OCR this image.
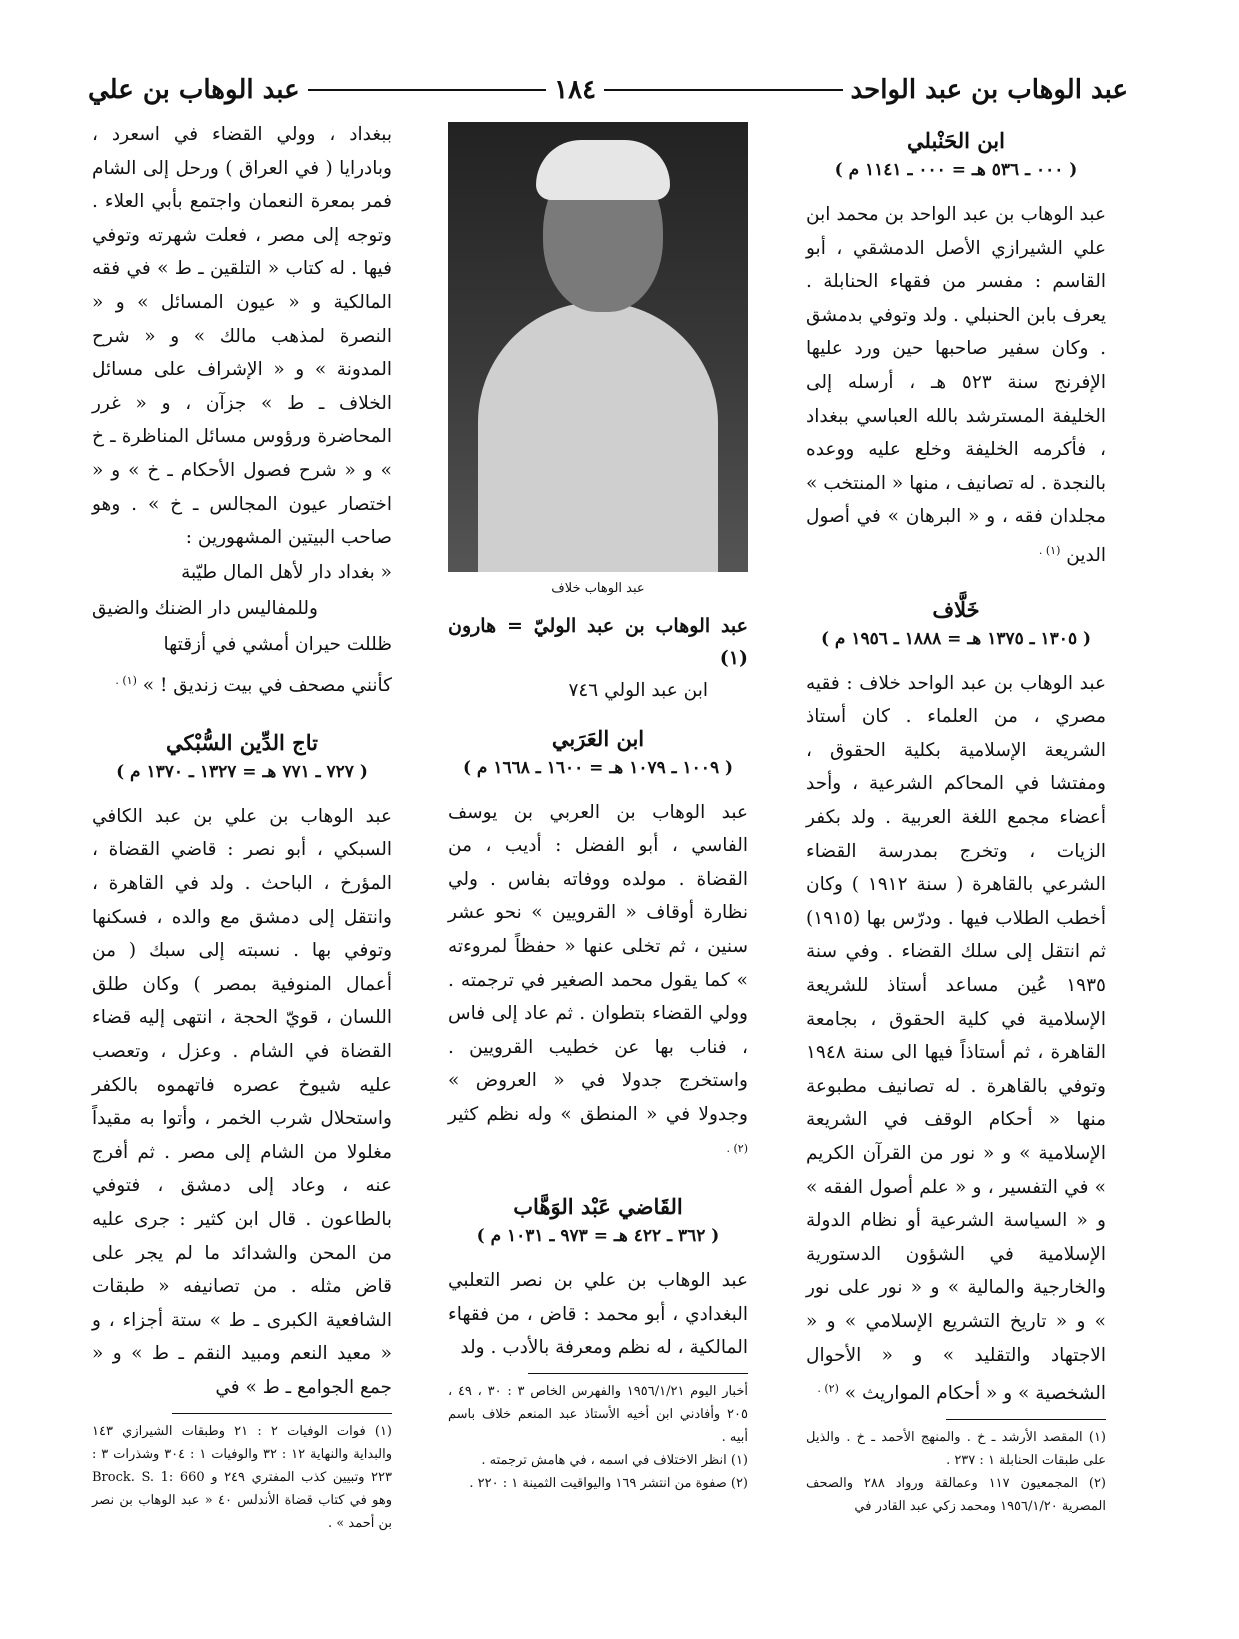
عبد الوهاب بن عبد الواحد
١٨٤
عبد الوهاب بن علي
ابن الحَنْبلي
( ٠٠٠ ـ ٥٣٦ هـ = ٠٠٠ ـ ١١٤١ م )

عبد الوهاب بن عبد الواحد بن محمد ابن علي الشيرازي الأصل الدمشقي ، أبو القاسم : مفسر من فقهاء الحنابلة . يعرف بابن الحنبلي . ولد وتوفي بدمشق . وكان سفير صاحبها حين ورد عليها الإفرنج سنة ٥٢٣ هـ ، أرسله إلى الخليفة المسترشد بالله العباسي ببغداد ، فأكرمه الخليفة وخلع عليه ووعده بالنجدة . له تصانيف ، منها « المنتخب » مجلدان فقه ، و « البرهان » في أصول الدين $^{(١) .}$

خَلَّاف
( ١٣٠٥ ـ ١٣٧٥ هـ = ١٨٨٨ ـ ١٩٥٦ م )

عبد الوهاب بن عبد الواحد خلاف : فقيه مصري ، من العلماء . كان أستاذ الشريعة الإسلامية بكلية الحقوق ، ومفتشا في المحاكم الشرعية ، وأحد أعضاء مجمع اللغة العربية . ولد بكفر الزيات ، وتخرج بمدرسة القضاء الشرعي بالقاهرة ( سنة ١٩١٢ ) وكان أخطب الطلاب فيها . ودرّس بها (١٩١٥) ثم انتقل إلى سلك القضاء . وفي سنة ١٩٣٥ عُين مساعد أستاذ للشريعة الإسلامية في كلية الحقوق ، بجامعة القاهرة ، ثم أستاذاً فيها الى سنة ١٩٤٨ وتوفي بالقاهرة . له تصانيف مطبوعة منها « أحكام الوقف في الشريعة الإسلامية » و « نور من القرآن الكريم » في التفسير ، و « علم أصول الفقه » و « السياسة الشرعية أو نظام الدولة الإسلامية في الشؤون الدستورية والخارجية والمالية » و « نور على نور » و « تاريخ التشريع الإسلامي » و « الاجتهاد والتقليد » و « الأحوال الشخصية » و « أحكام المواريث » $^{(٢) .}$

(١) المقصد الأرشد ـ خ . والمنهج الأحمد ـ خ . والذيل على طبقات الحنابلة ١ : ٢٣٧ .

(٢) المجمعيون ١١٧ وعمالقة ورواد ٢٨٨ والصحف المصرية ١٩٥٦/١/٢٠ ومحمد زكي عبد القادر في

عبد الوهاب خلاف
عبد الوهاب بن عبد الوليّ = هارون (١)
ابن عبد الولي ٧٤٦
ابن العَرَبي
( ١٠٠٩ ـ ١٠٧٩ هـ = ١٦٠٠ ـ ١٦٦٨ م )

عبد الوهاب بن العربي بن يوسف الفاسي ، أبو الفضل : أديب ، من القضاة . مولده ووفاته بفاس . ولي نظارة أوقاف « القرويين » نحو عشر سنين ، ثم تخلى عنها « حفظاً لمروءته » كما يقول محمد الصغير في ترجمته . وولي القضاء بتطوان . ثم عاد إلى فاس ، فناب بها عن خطيب القرويين . واستخرج جدولا في « العروض » وجدولا في « المنطق » وله نظم كثير $^{(٢) .}$

القَاضي عَبْد الوَهَّاب
( ٣٦٢ ـ ٤٢٢ هـ = ٩٧٣ ـ ١٠٣١ م )

عبد الوهاب بن علي بن نصر التعلبي البغدادي ، أبو محمد : قاض ، من فقهاء المالكية ، له نظم ومعرفة بالأدب . ولد

أخبار اليوم ١٩٥٦/١/٢١ والفهرس الخاص ٣ : ٣٠ ، ٤٩ ، ٢٠٥ وأفادني ابن أخيه الأستاذ عبد المنعم خلاف باسم أبيه .

(١) انظر الاختلاف في اسمه ، في هامش ترجمته .

(٢) صفوة من انتشر ١٦٩ واليواقيت الثمينة ١ : ٢٢٠ .

ببغداد ، وولي القضاء في اسعرد ، وبادرايا ( في العراق ) ورحل إلى الشام فمر بمعرة النعمان واجتمع بأبي العلاء . وتوجه إلى مصر ، فعلت شهرته وتوفي فيها . له كتاب « التلقين ـ ط » في فقه المالكية و « عيون المسائل » و « النصرة لمذهب مالك » و « شرح المدونة » و « الإشراف على مسائل الخلاف ـ ط » جزآن ، و « غرر المحاضرة ورؤوس مسائل المناظرة ـ خ » و « شرح فصول الأحكام ـ خ » و « اختصار عيون المجالس ـ خ » . وهو صاحب البيتين المشهورين :

« بغداد دار لأهل المال طيّبة
وللمفاليس دار الضنك والضيق
ظللت حيران أمشي في أزقتها
كأنني مصحف في بيت زنديق ! » $^{(١) .}$
تاج الدِّين السُّبْكي
( ٧٢٧ ـ ٧٧١ هـ = ١٣٢٧ ـ ١٣٧٠ م )

عبد الوهاب بن علي بن عبد الكافي السبكي ، أبو نصر : قاضي القضاة ، المؤرخ ، الباحث . ولد في القاهرة ، وانتقل إلى دمشق مع والده ، فسكنها وتوفي بها . نسبته إلى سبك ( من أعمال المنوفية بمصر ) وكان طلق اللسان ، قويّ الحجة ، انتهى إليه قضاء القضاة في الشام . وعزل ، وتعصب عليه شيوخ عصره فاتهموه بالكفر واستحلال شرب الخمر ، وأتوا به مقيداً مغلولا من الشام إلى مصر . ثم أفرج عنه ، وعاد إلى دمشق ، فتوفي بالطاعون . قال ابن كثير : جرى عليه من المحن والشدائد ما لم يجر على قاض مثله . من تصانيفه « طبقات الشافعية الكبرى ـ ط » ستة أجزاء ، و « معيد النعم ومبيد النقم ـ ط » و « جمع الجوامع ـ ط » في

(١) فوات الوفيات ٢ : ٢١ وطبقات الشيرازي ١٤٣ والبداية والنهاية ١٢ : ٣٢ والوفيات ١ : ٣٠٤ وشذرات ٣ : ٢٢٣ وتبيين كذب المفتري ٢٤٩ و Brock. S. 1: 660 وهو في كتاب قضاة الأندلس ٤٠ « عبد الوهاب بن نصر بن أحمد » .
